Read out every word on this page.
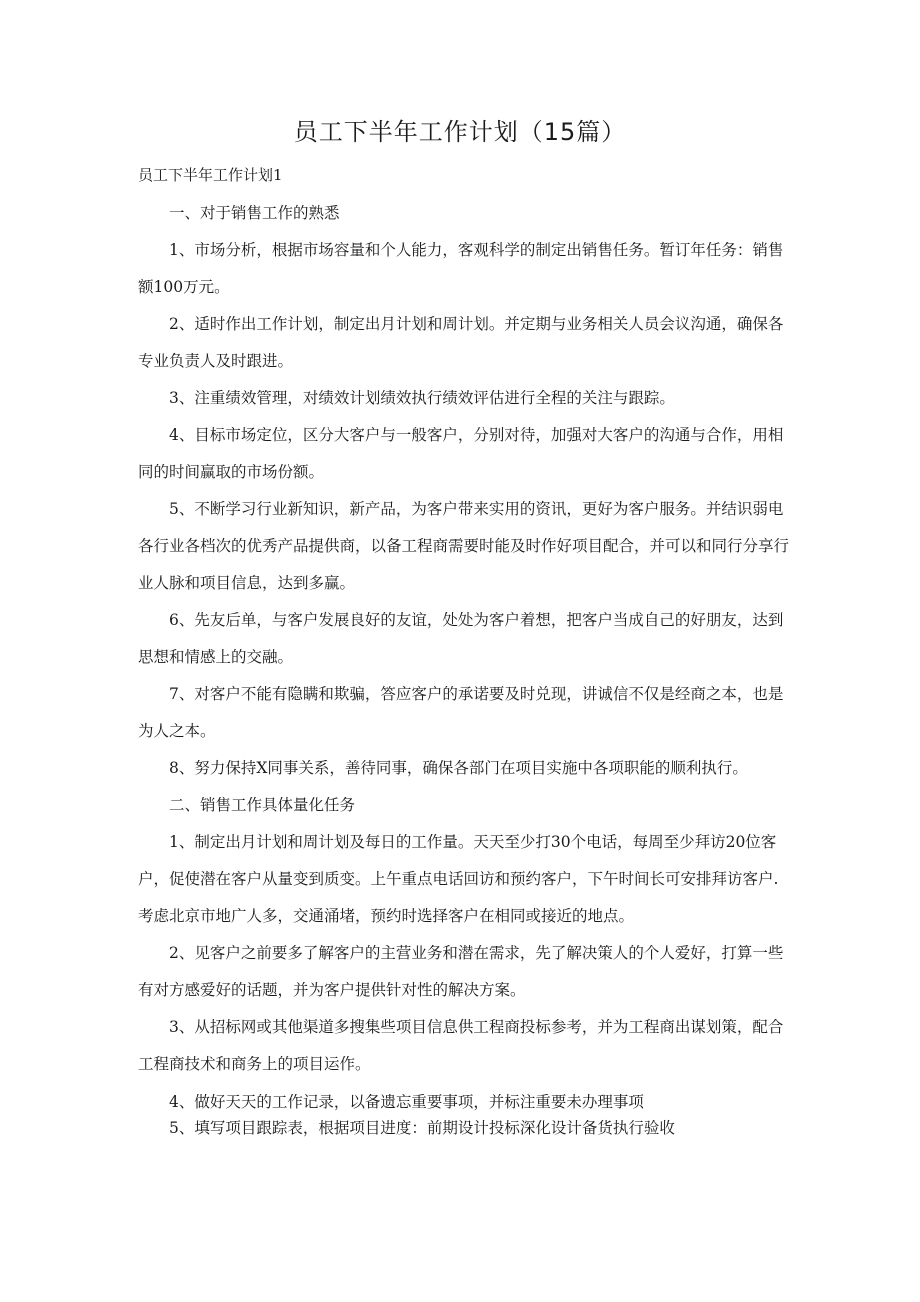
员工下半年工作计划（15篇）

员工下半年工作计划1

一、对于销售工作的熟悉

1、市场分析，根据市场容量和个人能力，客观科学的制定出销售任务。暂订年任务：销售额100万元。

2、适时作出工作计划，制定出月计划和周计划。并定期与业务相关人员会议沟通，确保各专业负责人及时跟进。

3、注重绩效管理，对绩效计划绩效执行绩效评估进行全程的关注与跟踪。

4、目标市场定位，区分大客户与一般客户，分别对待，加强对大客户的沟通与合作，用相同的时间赢取的市场份额。

5、不断学习行业新知识，新产品，为客户带来实用的资讯，更好为客户服务。并结识弱电各行业各档次的优秀产品提供商，以备工程商需要时能及时作好项目配合，并可以和同行分享行业人脉和项目信息，达到多赢。

6、先友后单，与客户发展良好的友谊，处处为客户着想，把客户当成自己的好朋友，达到思想和情感上的交融。

7、对客户不能有隐瞒和欺骗，答应客户的承诺要及时兑现，讲诚信不仅是经商之本，也是为人之本。

8、努力保持X同事关系，善待同事，确保各部门在项目实施中各项职能的顺利执行。

二、销售工作具体量化任务

1、制定出月计划和周计划及每日的工作量。天天至少打30个电话，每周至少拜访20位客户，促使潜在客户从量变到质变。上午重点电话回访和预约客户，下午时间长可安排拜访客户.考虑北京市地广人多，交通涌堵，预约时选择客户在相同或接近的地点。

2、见客户之前要多了解客户的主营业务和潜在需求，先了解决策人的个人爱好，打算一些有对方感爱好的话题，并为客户提供针对性的解决方案。

3、从招标网或其他渠道多搜集些项目信息供工程商投标参考，并为工程商出谋划策，配合工程商技术和商务上的项目运作。

4、做好天天的工作记录，以备遗忘重要事项，并标注重要未办理事项

5、填写项目跟踪表，根据项目进度：前期设计投标深化设计备货执行验收
